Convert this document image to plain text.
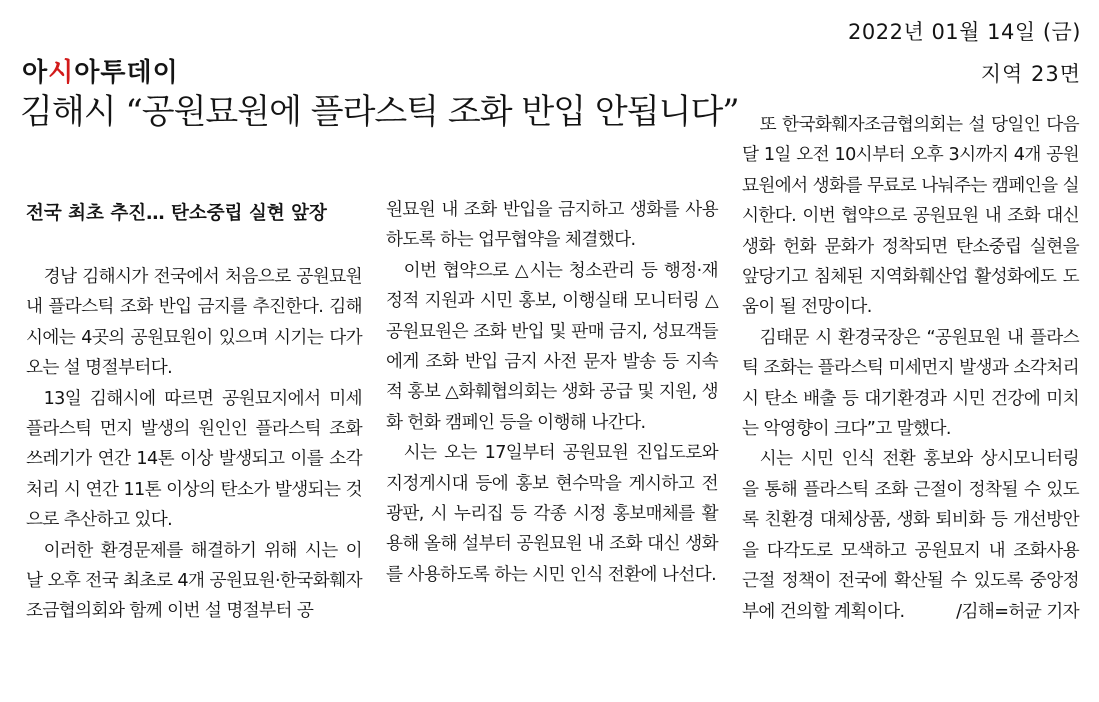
2022년 01월 14일 (금)
지역 23면
아시아투데이
김해시 “공원묘원에 플라스틱 조화 반입 안됩니다”
전국 최초 추진… 탄소중립 실현 앞장

경남 김해시가 전국에서 처음으로 공원묘원 내 플라스틱 조화 반입 금지를 추진한다. 김해시에는 4곳의 공원묘원이 있으며 시기는 다가오는 설 명절부터다.

13일 김해시에 따르면 공원묘지에서 미세플라스틱 먼지 발생의 원인인 플라스틱 조화 쓰레기가 연간 14톤 이상 발생되고 이를 소각처리 시 연간 11톤 이상의 탄소가 발생되는 것으로 추산하고 있다.

이러한 환경문제를 해결하기 위해 시는 이날 오후 전국 최초로 4개 공원묘원·한국화훼자조금협의회와 함께 이번 설 명절부터 공

원묘원 내 조화 반입을 금지하고 생화를 사용하도록 하는 업무협약을 체결했다.

이번 협약으로 △시는 청소관리 등 행정·재정적 지원과 시민 홍보, 이행실태 모니터링 △공원묘원은 조화 반입 및 판매 금지, 성묘객들에게 조화 반입 금지 사전 문자 발송 등 지속적 홍보 △화훼협의회는 생화 공급 및 지원, 생화 헌화 캠페인 등을 이행해 나간다.

시는 오는 17일부터 공원묘원 진입도로와 지정게시대 등에 홍보 현수막을 게시하고 전광판, 시 누리집 등 각종 시정 홍보매체를 활용해 올해 설부터 공원묘원 내 조화 대신 생화를 사용하도록 하는 시민 인식 전환에 나선다.

또 한국화훼자조금협의회는 설 당일인 다음 달 1일 오전 10시부터 오후 3시까지 4개 공원묘원에서 생화를 무료로 나눠주는 캠페인을 실시한다. 이번 협약으로 공원묘원 내 조화 대신 생화 헌화 문화가 정착되면 탄소중립 실현을 앞당기고 침체된 지역화훼산업 활성화에도 도움이 될 전망이다.

김태문 시 환경국장은 “공원묘원 내 플라스틱 조화는 플라스틱 미세먼지 발생과 소각처리 시 탄소 배출 등 대기환경과 시민 건강에 미치는 악영향이 크다”고 말했다.

시는 시민 인식 전환 홍보와 상시모니터링을 통해 플라스틱 조화 근절이 정착될 수 있도록 친환경 대체상품, 생화 퇴비화 등 개선방안을 다각도로 모색하고 공원묘지 내 조화사용 근절 정책이 전국에 확산될 수 있도록 중앙정부에 건의할 계획이다.	/김해=허균 기자
